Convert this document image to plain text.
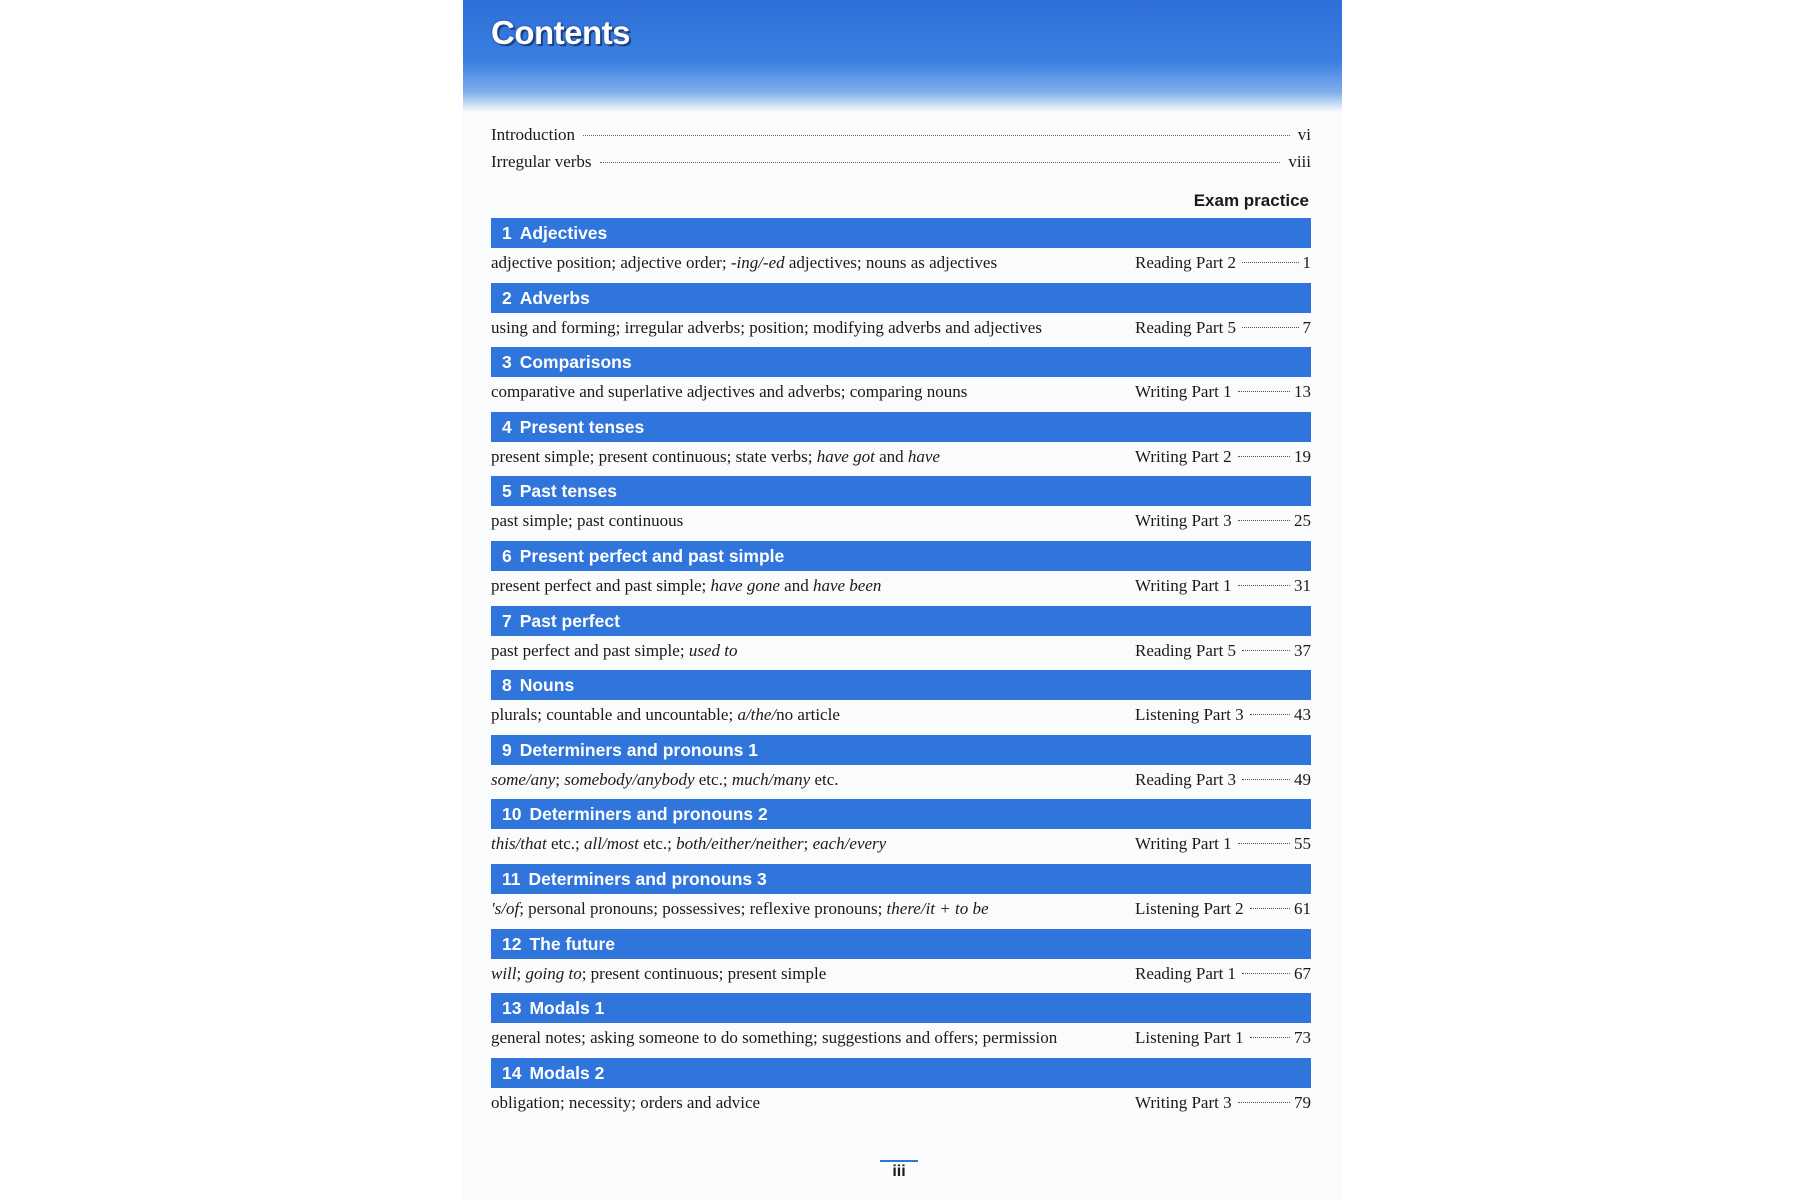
Contents
Introduction	vi
Irregular verbs	viii
Exam practice
1 Adjectives
adjective position; adjective order; -ing/-ed adjectives; nouns as adjectives	Reading Part 2	1
2 Adverbs
using and forming; irregular adverbs; position; modifying adverbs and adjectives	Reading Part 5	7
3 Comparisons
comparative and superlative adjectives and adverbs; comparing nouns	Writing Part 1	13
4 Present tenses
present simple; present continuous; state verbs; have got and have	Writing Part 2	19
5 Past tenses
past simple; past continuous	Writing Part 3	25
6 Present perfect and past simple
present perfect and past simple; have gone and have been	Writing Part 1	31
7 Past perfect
past perfect and past simple; used to	Reading Part 5	37
8 Nouns
plurals; countable and uncountable; a/the/no article	Listening Part 3	43
9 Determiners and pronouns 1
some/any; somebody/anybody etc.; much/many etc.	Reading Part 3	49
10 Determiners and pronouns 2
this/that etc.; all/most etc.; both/either/neither; each/every	Writing Part 1	55
11 Determiners and pronouns 3
's/of; personal pronouns; possessives; reflexive pronouns; there/it + to be	Listening Part 2	61
12 The future
will; going to; present continuous; present simple	Reading Part 1	67
13 Modals 1
general notes; asking someone to do something; suggestions and offers; permission	Listening Part 1	73
14 Modals 2
obligation; necessity; orders and advice	Writing Part 3	79
iii
